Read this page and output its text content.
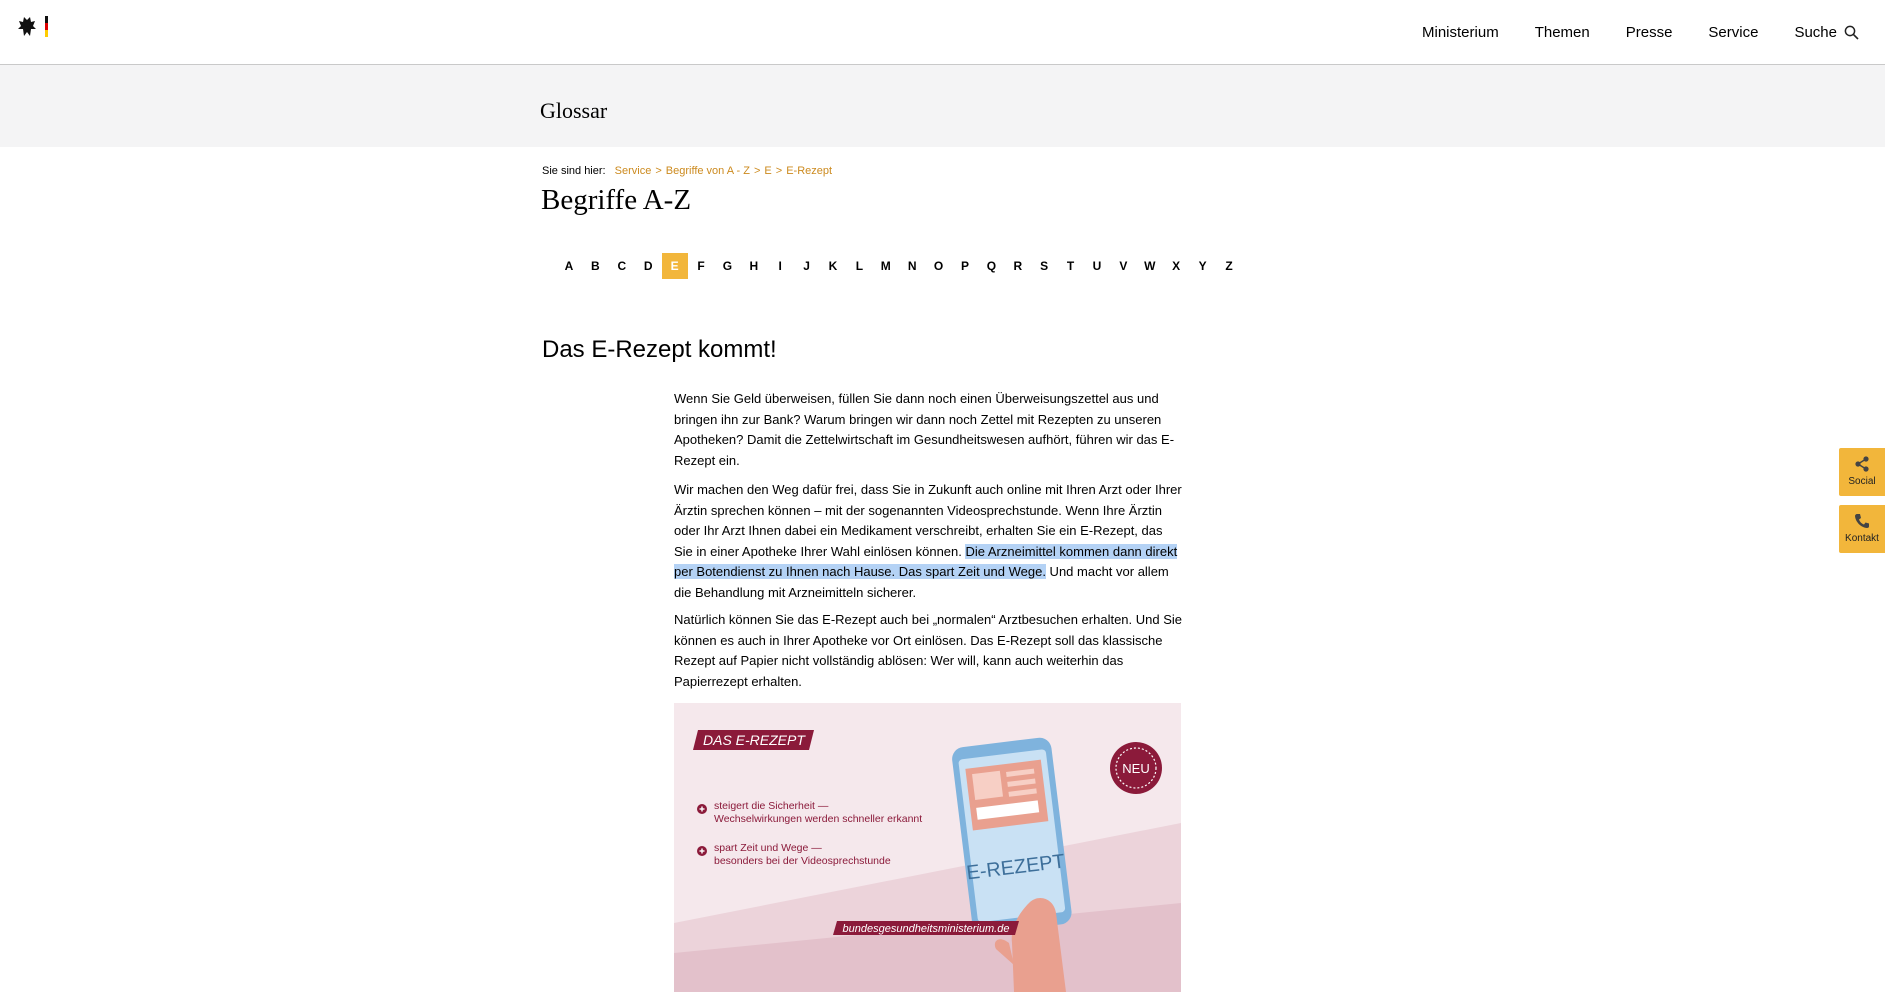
Ministerium Themen Presse Service Suche
Glossar
Sie sind hier: Service > Begriffe von A - Z > E > E-Rezept
Begriffe A-Z
A	B	C	D	E	F	G	H	I	J	K	L	M	N	O	P	Q	R	S	T	U	V	W	X	Y	Z
Das E-Rezept kommt!
Wenn Sie Geld überweisen, füllen Sie dann noch einen Überweisungszettel aus und bringen ihn zur Bank? Warum bringen wir dann noch Zettel mit Rezepten zu unseren Apotheken? Damit die Zettelwirtschaft im Gesundheitswesen aufhört, führen wir das E-Rezept ein.
Wir machen den Weg dafür frei, dass Sie in Zukunft auch online mit Ihren Arzt oder Ihrer Ärztin sprechen können – mit der sogenannten Videosprechstunde. Wenn Ihre Ärztin oder Ihr Arzt Ihnen dabei ein Medikament verschreibt, erhalten Sie ein E-Rezept, das Sie in einer Apotheke Ihrer Wahl einlösen können. Die Arzneimittel kommen dann direkt per Botendienst zu Ihnen nach Hause. Das spart Zeit und Wege. Und macht vor allem die Behandlung mit Arzneimitteln sicherer.
Natürlich können Sie das E-Rezept auch bei „normalen“ Arztbesuchen erhalten. Und Sie können es auch in Ihrer Apotheke vor Ort einlösen. Das E-Rezept soll das klassische Rezept auf Papier nicht vollständig ablösen: Wer will, kann auch weiterhin das Papierrezept erhalten.
DAS E-REZEPT
steigert die Sicherheit —
Wechselwirkungen werden schneller erkannt
spart Zeit und Wege —
besonders bei der Videosprechstunde
NEU
E-REZEPT
bundesgesundheitsministerium.de
Social
Kontakt
